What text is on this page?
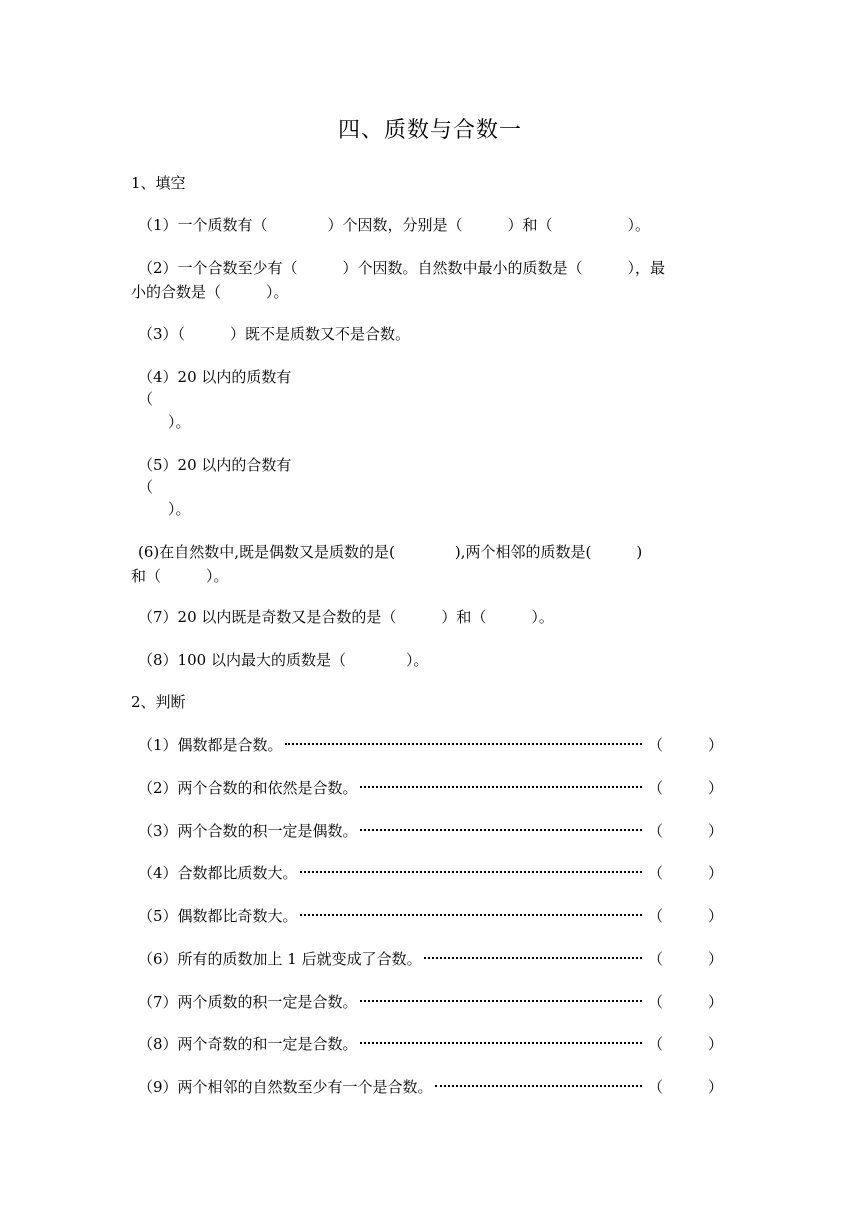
四、质数与合数一
1、填空
（1）一个质数有（　　　　）个因数，分别是（　　　）和（　　　　　）。
（2）一个合数至少有（　　　）个因数。自然数中最小的质数是（　　　），最
小的合数是（　　　）。
（3）（　　　）既不是质数又不是合数。
（4）20 以内的质数有
（
　　）。
（5）20 以内的合数有
（
　　）。
(6)在自然数中,既是偶数又是质数的是(　　　　),两个相邻的质数是(　　　)
和（　　　）。
（7）20 以内既是奇数又是合数的是（　　　）和（　　　）。
（8）100 以内最大的质数是（　　　　）。
2、判断

（1）偶数都是合数。

	（　　　）

（2）两个合数的和依然是合数。

	（　　　）

（3）两个合数的积一定是偶数。

	（　　　）

（4）合数都比质数大。

	（　　　）

（5）偶数都比奇数大。

	（　　　）

（6）所有的质数加上 1 后就变成了合数。

	（　　　）

（7）两个质数的积一定是合数。

	（　　　）

（8）两个奇数的和一定是合数。

	（　　　）

（9）两个相邻的自然数至少有一个是合数。

	（　　　）
